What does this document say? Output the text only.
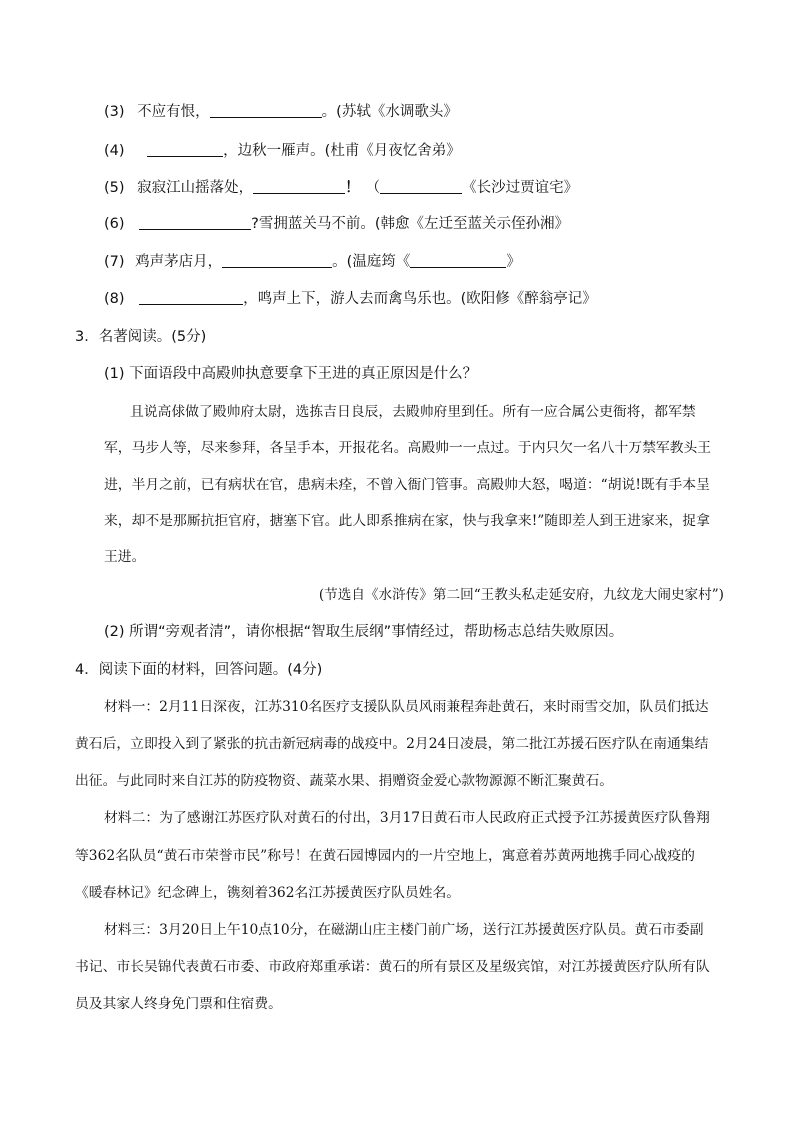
(3) 不应有恨，	。(苏轼《水调歌头》
(4)	，边秋一雁声。(杜甫《月夜忆舍弟》
(5) 寂寂江山摇落处，	！ （	《长沙过贾谊宅》
(6)	?雪拥蓝关马不前。(韩愈《左迁至蓝关示侄孙湘》
(7) 鸡声茅店月，	。(温庭筠《	》
(8)	，鸣声上下，游人去而禽鸟乐也。(欧阳修《醉翁亭记》
3．名著阅读。(5分)
(1) 下面语段中高殿帅执意要拿下王进的真正原因是什么？
且说高俅做了殿帅府太尉，选拣吉日良辰，去殿帅府里到任。所有一应合属公吏衙将，都军禁
军，马步人等，尽来参拜，各呈手本，开报花名。高殿帅一一点过。于内只欠一名八十万禁军教头王
进，半月之前，已有病状在官，患病未痊，不曾入衙门管事。高殿帅大怒，喝道：“胡说!既有手本呈
来，却不是那厮抗拒官府，搪塞下官。此人即系推病在家，快与我拿来!”随即差人到王进家来，捉拿
王进。
(节选自《水浒传》第二回“王教头私走延安府，九纹龙大闹史家村”)
(2) 所谓“旁观者清”，请你根据“智取生辰纲”事情经过，帮助杨志总结失败原因。
4．阅读下面的材料，回答问题。(4分)
材料一：2月11日深夜，江苏310名医疗支援队队员风雨兼程奔赴黄石，来时雨雪交加，队员们抵达
黄石后，立即投入到了紧张的抗击新冠病毒的战疫中。2月24日凌晨，第二批江苏援石医疗队在南通集结
出征。与此同时来自江苏的防疫物资、蔬菜水果、捐赠资金爱心款物源源不断汇聚黄石。
材料二：为了感谢江苏医疗队对黄石的付出，3月17日黄石市人民政府正式授予江苏援黄医疗队鲁翔
等362名队员“黄石市荣誉市民”称号！在黄石园博园内的一片空地上，寓意着苏黄两地携手同心战疫的
《暖春林记》纪念碑上，镌刻着362名江苏援黄医疗队员姓名。
材料三：3月20日上午10点10分，在磁湖山庄主楼门前广场，送行江苏援黄医疗队员。黄石市委副
书记、市长吴锦代表黄石市委、市政府郑重承诺：黄石的所有景区及星级宾馆，对江苏援黄医疗队所有队
员及其家人终身免门票和住宿费。
